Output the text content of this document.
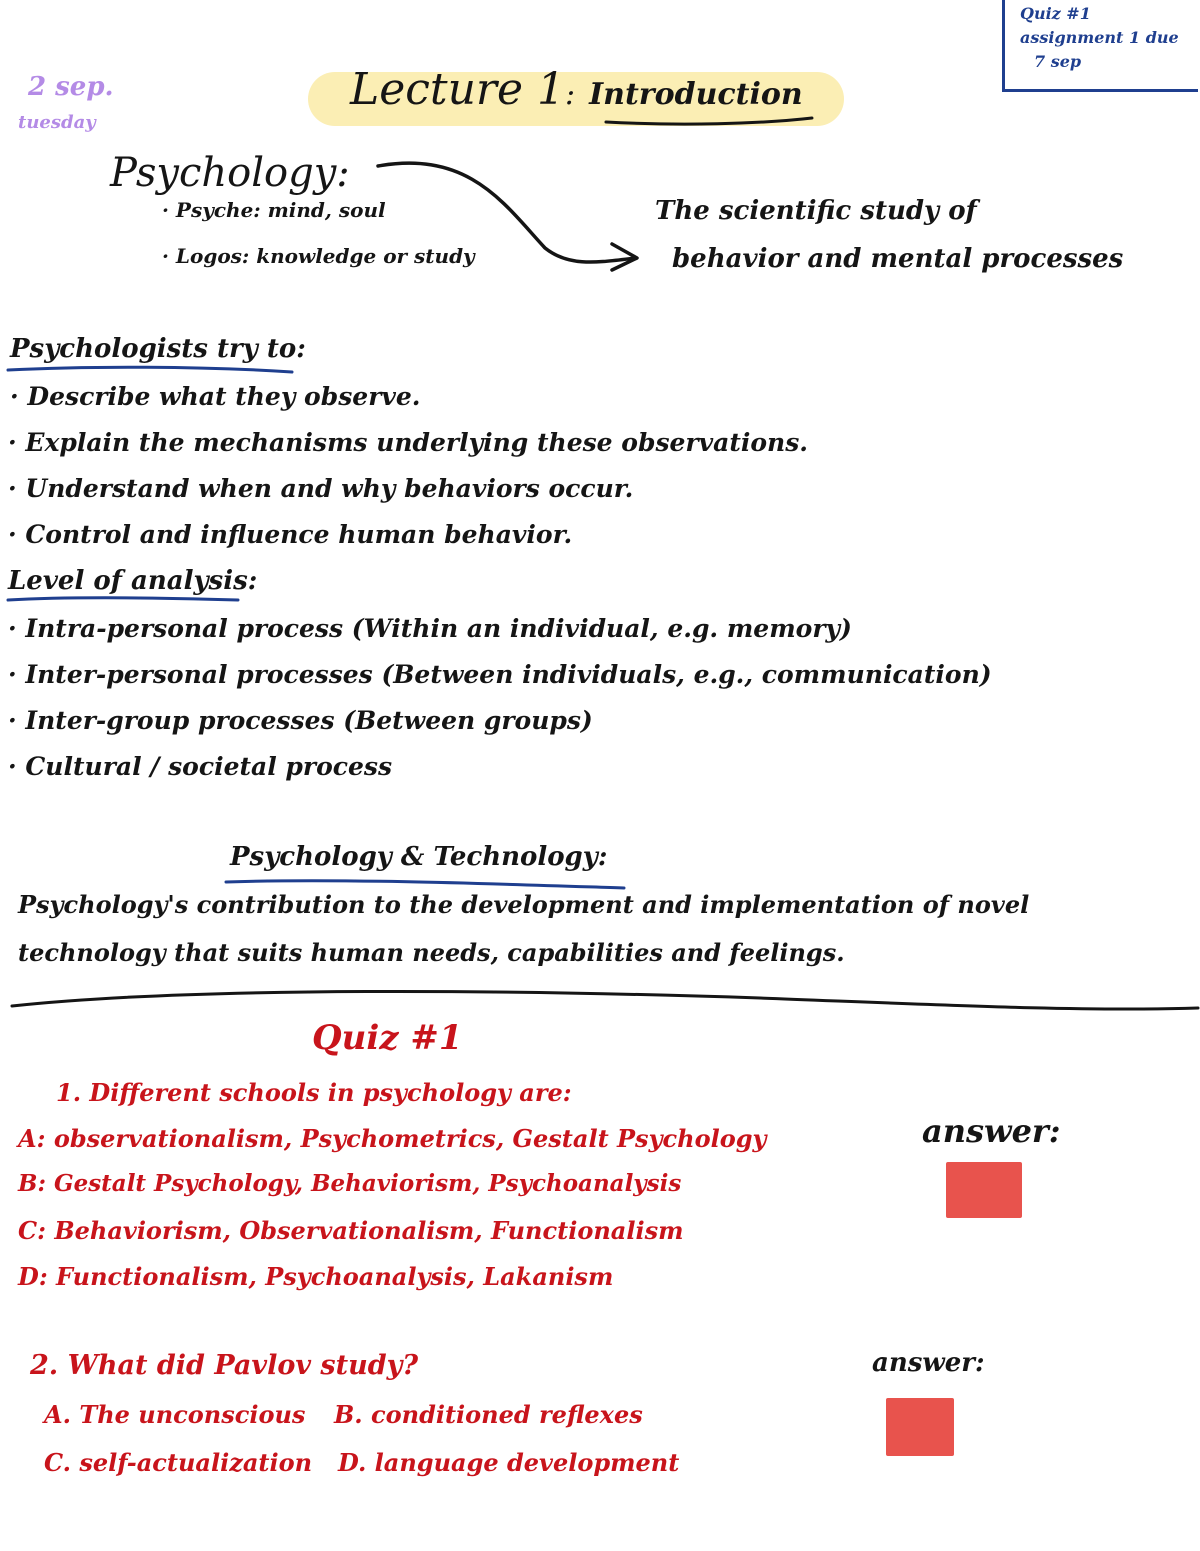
Quiz #1
assignment 1 due
7 sep
2 sep.
tuesday
Lecture 1: Introduction
Psychology:
· Psyche: mind, soul
· Logos: knowledge or study
The scientific study of
behavior and mental processes
Psychologists try to:
· Describe what they observe.
· Explain the mechanisms underlying these observations.
· Understand when and why behaviors occur.
· Control and influence human behavior.
Level of analysis:
· Intra-personal process (Within an individual, e.g. memory)
· Inter-personal processes (Between individuals, e.g., communication)
· Inter-group processes (Between groups)
· Cultural / societal process
Psychology & Technology:
Psychology's contribution to the development and implementation of novel
technology that suits human needs, capabilities and feelings.
Quiz #1
1. Different schools in psychology are:
A: observationalism, Psychometrics, Gestalt Psychology
B: Gestalt Psychology, Behaviorism, Psychoanalysis
C: Behaviorism, Observationalism, Functionalism
D: Functionalism, Psychoanalysis, Lakanism
answer:
2. What did Pavlov study?
A. The unconscious B. conditioned reflexes
C. self-actualization D. language development
answer:
